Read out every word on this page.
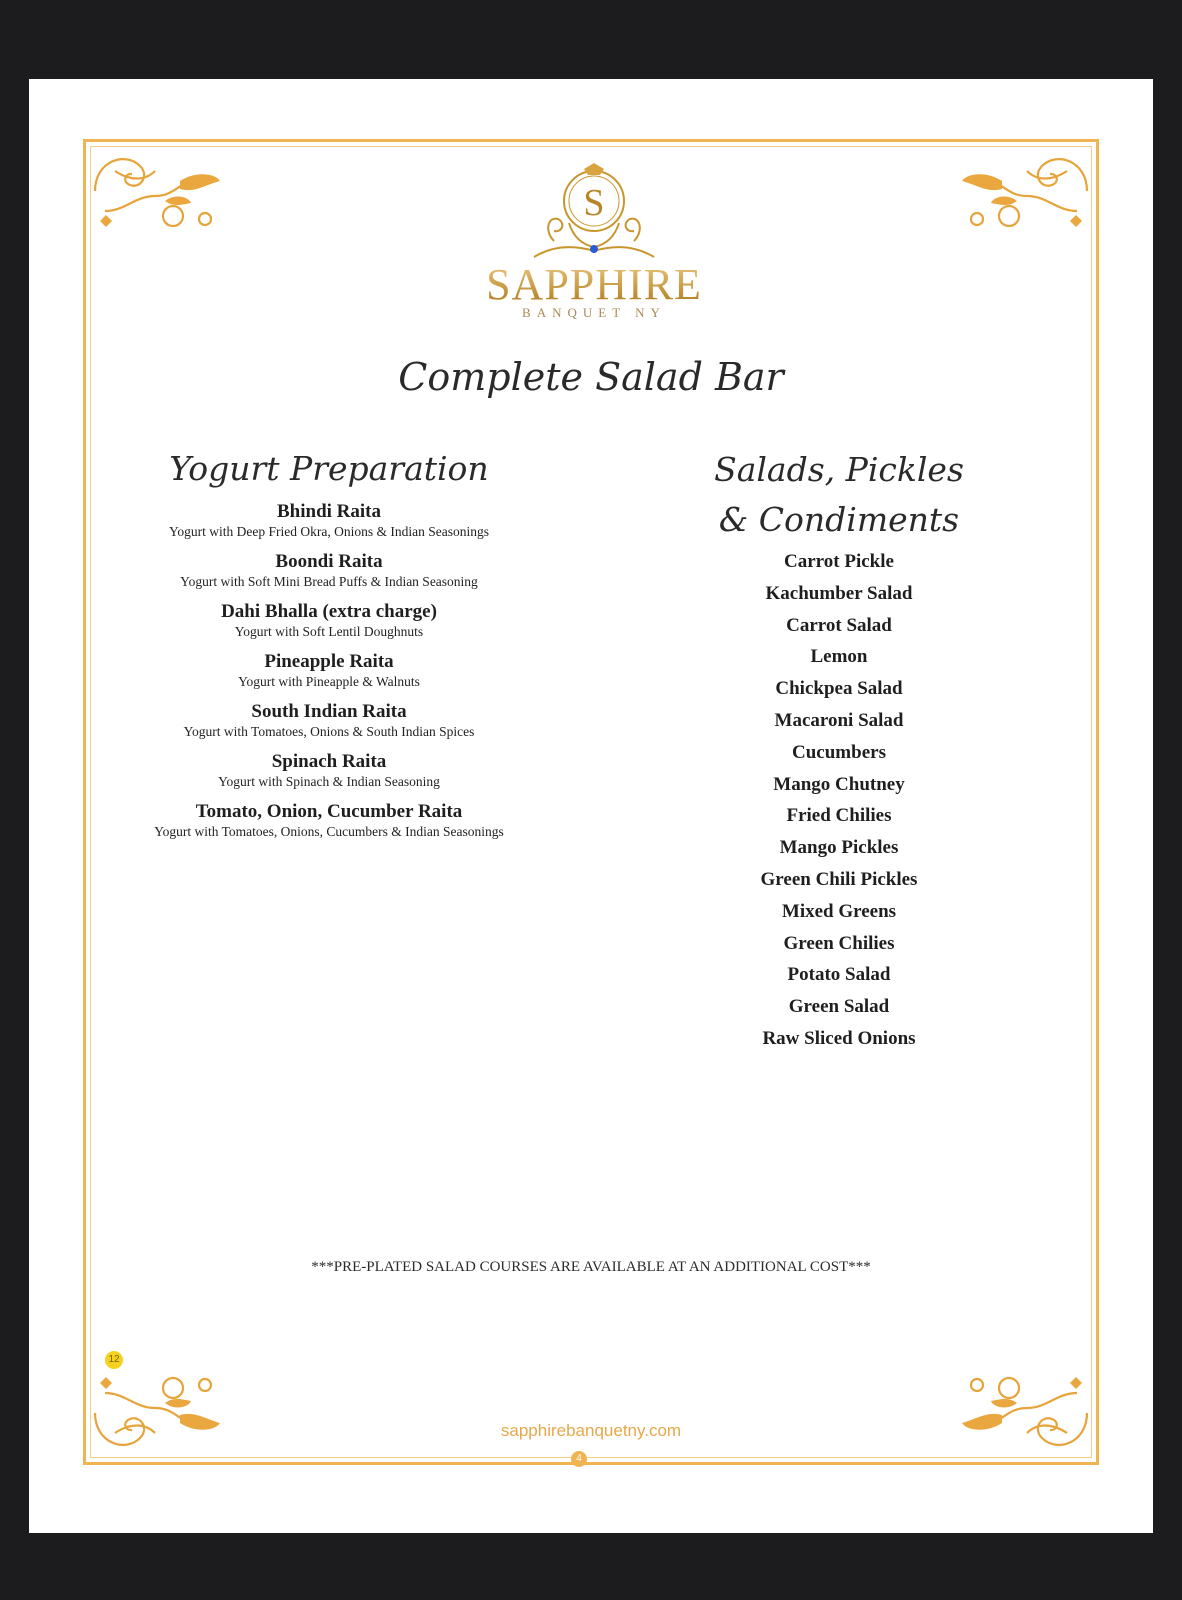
12
S
SAPPHIRE
BANQUET NY
Complete Salad Bar
Yogurt Preparation	Salads, Pickles
& Condiments
Bhindi Raita
Yogurt with Deep Fried Okra, Onions & Indian Seasonings
Boondi Raita
Yogurt with Soft Mini Bread Puffs & Indian Seasoning
Dahi Bhalla (extra charge)
Yogurt with Soft Lentil Doughnuts
Pineapple Raita
Yogurt with Pineapple & Walnuts
South Indian Raita
Yogurt with Tomatoes, Onions & South Indian Spices
Spinach Raita
Yogurt with Spinach & Indian Seasoning
Tomato, Onion, Cucumber Raita
Yogurt with Tomatoes, Onions, Cucumbers & Indian Seasonings
Carrot Pickle
Kachumber Salad
Carrot Salad
Lemon
Chickpea Salad
Macaroni Salad
Cucumbers
Mango Chutney
Fried Chilies
Mango Pickles
Green Chili Pickles
Mixed Greens
Green Chilies
Potato Salad
Green Salad
Raw Sliced Onions
***PRE-PLATED SALAD COURSES ARE AVAILABLE AT AN ADDITIONAL COST***
sapphirebanquetny.com
4
